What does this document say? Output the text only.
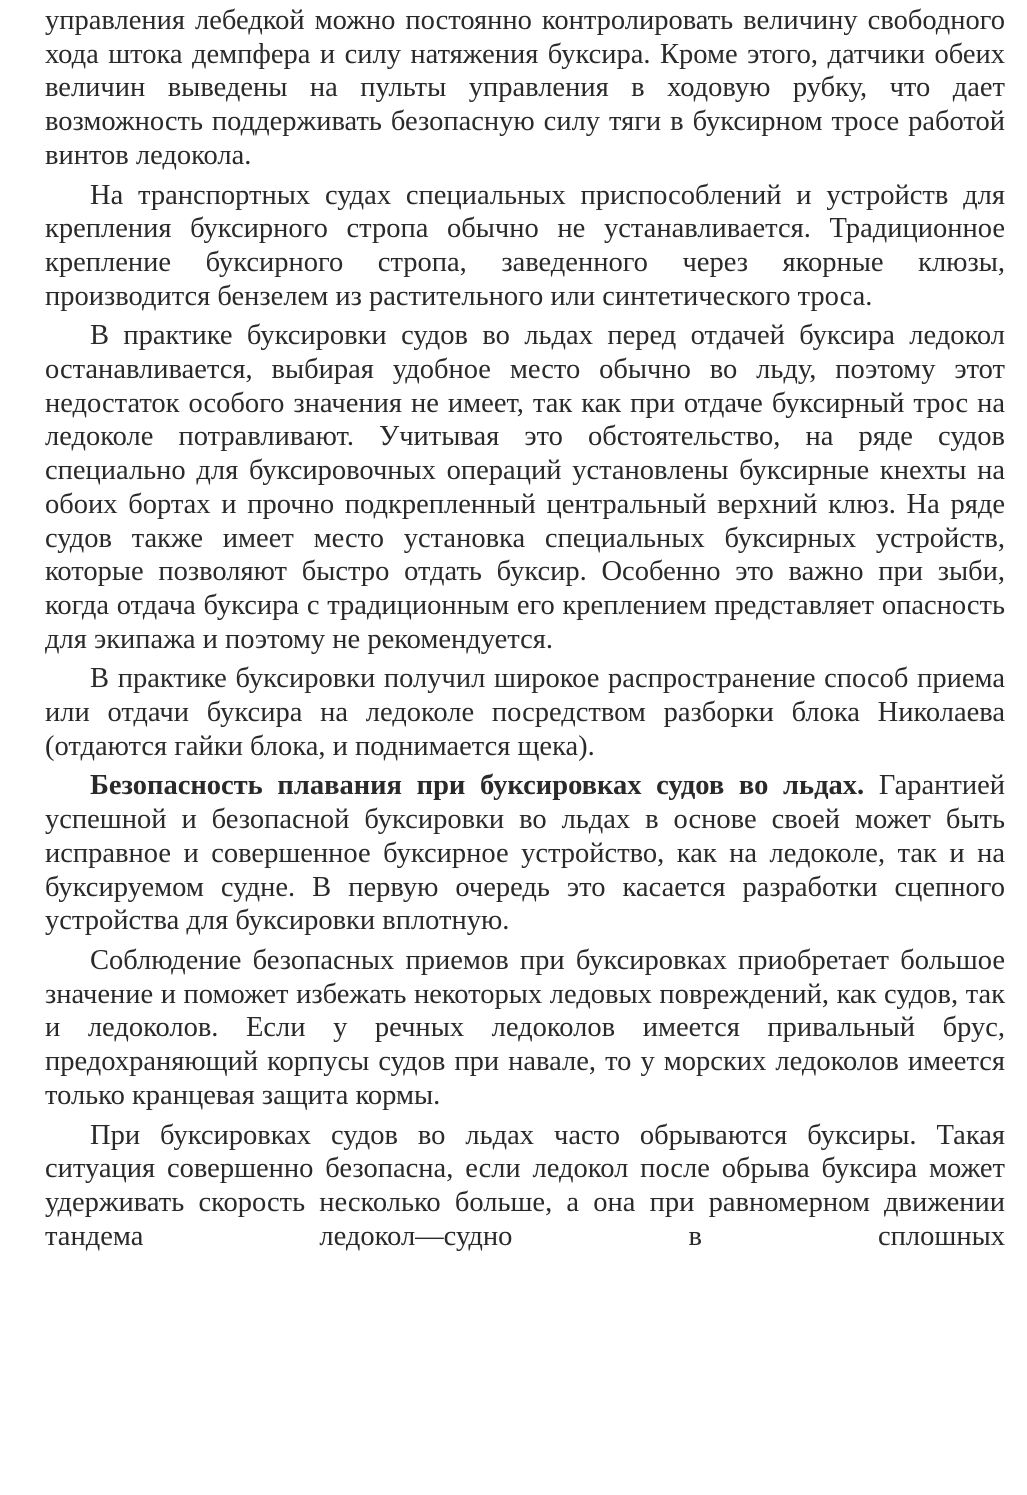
управления лебедкой можно постоянно контролировать величину свободного хода штока демпфера и силу натяжения буксира. Кроме этого, датчики обеих величин выведены на пульты управления в ходовую рубку, что дает возможность поддерживать безопасную силу тяги в буксирном тросе работой винтов ледокола.

На транспортных судах специальных приспособлений и устройств для крепления буксирного стропа обычно не устанавливается. Традиционное крепление буксирного стропа, заведенного через якорные клюзы, производится бензелем из растительного или синтетического троса.

В практике буксировки судов во льдах перед отдачей буксира ледокол останавливается, выбирая удобное место обычно во льду, поэтому этот недостаток особого значения не имеет, так как при отдаче буксирный трос на ледоколе потравливают. Учитывая это обстоятельство, на ряде судов специально для буксировочных операций установлены буксирные кнехты на обоих бортах и прочно подкрепленный центральный верхний клюз. На ряде судов также имеет место установка специальных буксирных устройств, которые позволяют быстро отдать буксир. Особенно это важно при зыби, когда отдача буксира с традиционным его креплением представляет опасность для экипажа и поэтому не рекомендуется.

В практике буксировки получил широкое распространение способ приема или отдачи буксира на ледоколе посредством разборки блока Николаева (отдаются гайки блока, и поднимается щека).

Безопасность плавания при буксировках судов во льдах. Гарантией успешной и безопасной буксировки во льдах в основе своей может быть исправное и совершенное буксирное устройство, как на ледоколе, так и на буксируемом судне. В первую очередь это касается разработки сцепного устройства для буксировки вплотную.

Соблюдение безопасных приемов при буксировках приобретает большое значение и поможет избежать некоторых ледовых повреждений, как судов, так и ледоколов. Если у речных ледоколов имеется привальный брус, предохраняющий корпусы судов при навале, то у морских ледоколов имеется только кранцевая защита кормы.

При буксировках судов во льдах часто обрываются буксиры. Такая ситуация совершенно безопасна, если ледокол после обрыва буксира может удерживать скорость несколько больше, а она при равномерном движении тандема ледокол—судно в сплошных
